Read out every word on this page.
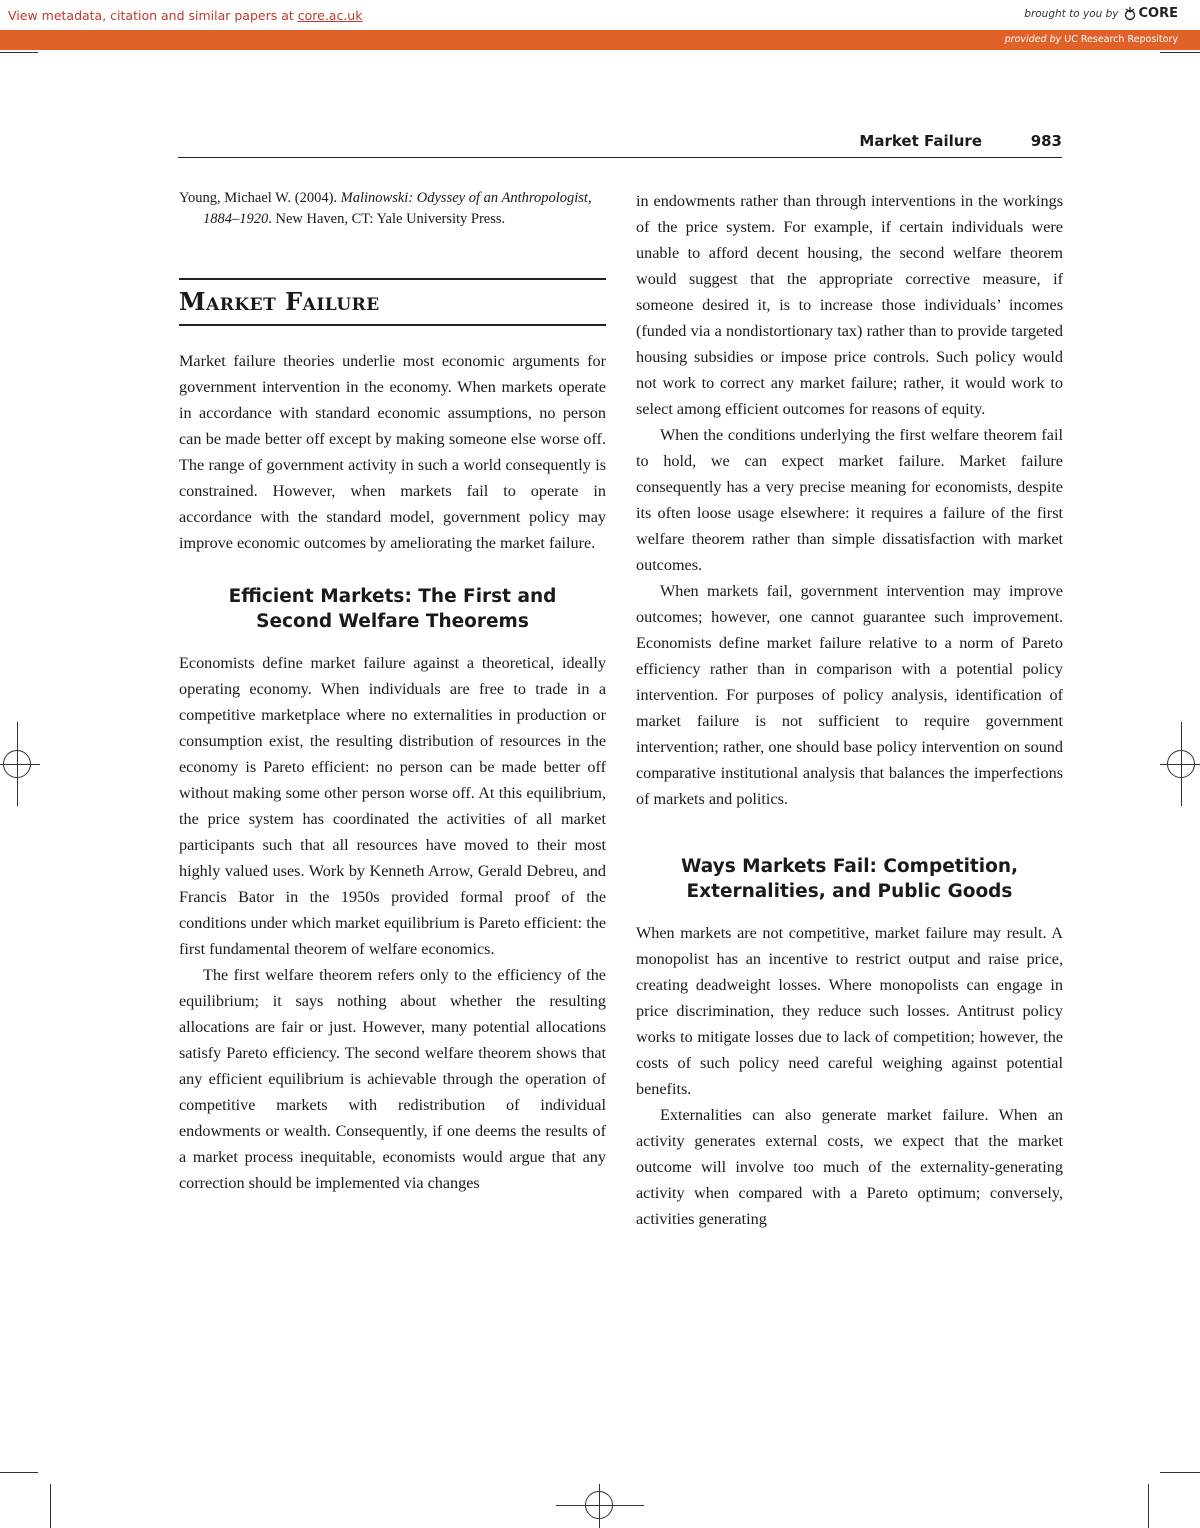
View metadata, citation and similar papers at core.ac.uk	brought to you by CORE
provided by UC Research Repository
Market Failure	983

Young, Michael W. (2004). Malinowski: Odyssey of an Anthropologist, 1884–1920. New Haven, CT: Yale University Press.

Market Failure

Market failure theories underlie most economic arguments for government intervention in the economy. When markets operate in accordance with standard economic assumptions, no person can be made better off except by making someone else worse off. The range of government activity in such a world consequently is constrained. However, when markets fail to operate in accordance with the standard model, government policy may improve economic outcomes by ameliorating the market failure.

Efficient Markets: The First and
Second Welfare Theorems

Economists define market failure against a theoretical, ideally operating economy. When individuals are free to trade in a competitive marketplace where no externalities in production or consumption exist, the resulting distribution of resources in the economy is Pareto efficient: no person can be made better off without making some other person worse off. At this equilibrium, the price system has coordinated the activities of all market participants such that all resources have moved to their most highly valued uses. Work by Kenneth Arrow, Gerald Debreu, and Francis Bator in the 1950s provided formal proof of the conditions under which market equilibrium is Pareto efficient: the first fundamental theorem of welfare economics.

The first welfare theorem refers only to the efficiency of the equilibrium; it says nothing about whether the resulting allocations are fair or just. However, many potential allocations satisfy Pareto efficiency. The second welfare theorem shows that any efficient equilibrium is achievable through the operation of competitive markets with redistribution of individual endowments or wealth. Consequently, if one deems the results of a market process inequitable, economists would argue that any correction should be implemented via changes

in endowments rather than through interventions in the workings of the price system. For example, if certain individuals were unable to afford decent housing, the second welfare theorem would suggest that the appropriate corrective measure, if someone desired it, is to increase those individuals’ incomes (funded via a nondistortionary tax) rather than to provide targeted housing subsidies or impose price controls. Such policy would not work to correct any market failure; rather, it would work to select among efficient outcomes for reasons of equity.

When the conditions underlying the first welfare theorem fail to hold, we can expect market failure. Market failure consequently has a very precise meaning for economists, despite its often loose usage elsewhere: it requires a failure of the first welfare theorem rather than simple dissatisfaction with market outcomes.

When markets fail, government intervention may improve outcomes; however, one cannot guarantee such improvement. Economists define market failure relative to a norm of Pareto efficiency rather than in comparison with a potential policy intervention. For purposes of policy analysis, identification of market failure is not sufficient to require government intervention; rather, one should base policy intervention on sound comparative institutional analysis that balances the imperfections of markets and politics.

Ways Markets Fail: Competition,
Externalities, and Public Goods

When markets are not competitive, market failure may result. A monopolist has an incentive to restrict output and raise price, creating deadweight losses. Where monopolists can engage in price discrimination, they reduce such losses. Antitrust policy works to mitigate losses due to lack of competition; however, the costs of such policy need careful weighing against potential benefits.

Externalities can also generate market failure. When an activity generates external costs, we expect that the market outcome will involve too much of the externality-generating activity when compared with a Pareto optimum; conversely, activities generating
